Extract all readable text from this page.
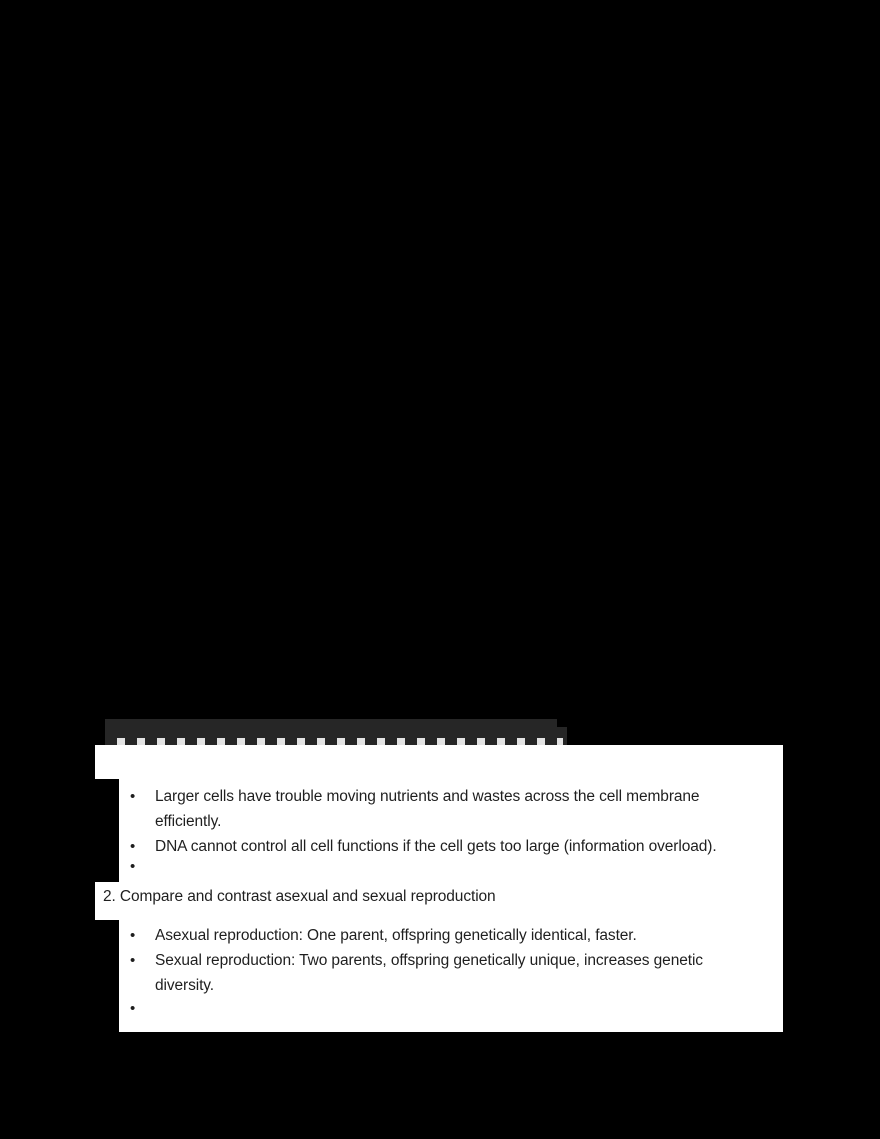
•	Larger cells have trouble moving nutrients and wastes across the cell membrane
efficiently.
•	DNA cannot control all cell functions if the cell gets too large (information overload).
•
2. Compare and contrast asexual and sexual reproduction
•	Asexual reproduction: One parent, offspring genetically identical, faster.
•	Sexual reproduction: Two parents, offspring genetically unique, increases genetic
diversity.
•
